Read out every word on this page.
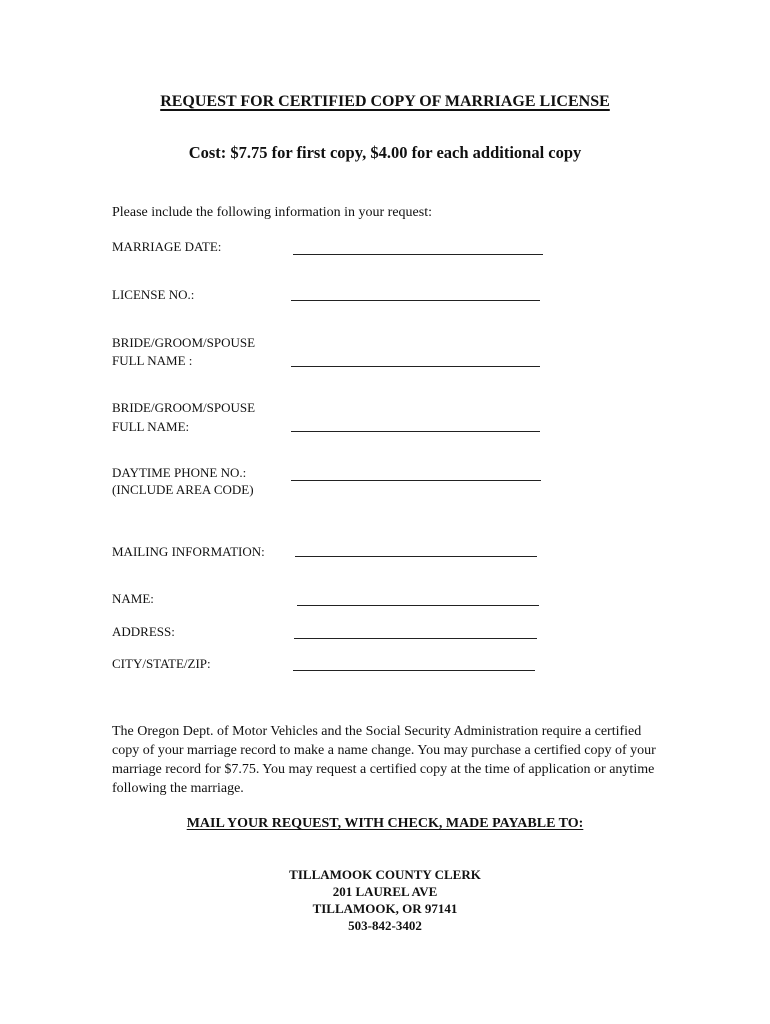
REQUEST FOR CERTIFIED COPY OF MARRIAGE LICENSE
Cost: $7.75 for first copy, $4.00 for each additional copy
Please include the following information in your request:
MARRIAGE DATE:
LICENSE NO.:
BRIDE/GROOM/SPOUSE
FULL NAME :
BRIDE/GROOM/SPOUSE
FULL NAME:
DAYTIME PHONE NO.:
(INCLUDE AREA CODE)
MAILING INFORMATION:
NAME:
ADDRESS:
CITY/STATE/ZIP:
The Oregon Dept. of Motor Vehicles and the Social Security Administration require a certified copy of your marriage record to make a name change. You may purchase a certified copy of your marriage record for $7.75. You may request a certified copy at the time of application or anytime following the marriage.
MAIL YOUR REQUEST, WITH CHECK, MADE PAYABLE TO:
TILLAMOOK COUNTY CLERK
201 LAUREL AVE
TILLAMOOK, OR 97141
503-842-3402
